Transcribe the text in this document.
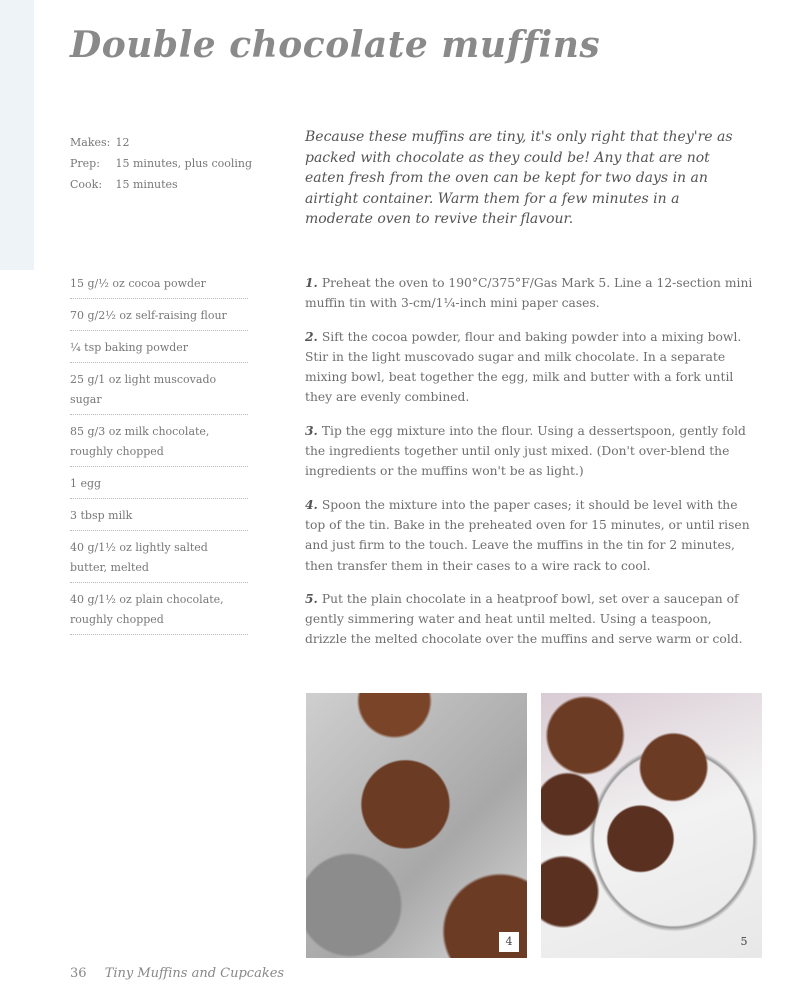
Double chocolate muffins
Makes: 12
Prep: 15 minutes, plus cooling
Cook: 15 minutes
Because these muffins are tiny, it's only right that they're as packed with chocolate as they could be! Any that are not eaten fresh from the oven can be kept for two days in an airtight container. Warm them for a few minutes in a moderate oven to revive their flavour.
15 g/½ oz cocoa powder
70 g/2½ oz self-raising flour
¼ tsp baking powder
25 g/1 oz light muscovado sugar
85 g/3 oz milk chocolate, roughly chopped
1 egg
3 tbsp milk
40 g/1½ oz lightly salted butter, melted
40 g/1½ oz plain chocolate, roughly chopped
1. Preheat the oven to 190°C/375°F/Gas Mark 5. Line a 12-section mini muffin tin with 3-cm/1¼-inch mini paper cases.
2. Sift the cocoa powder, flour and baking powder into a mixing bowl. Stir in the light muscovado sugar and milk chocolate. In a separate mixing bowl, beat together the egg, milk and butter with a fork until they are evenly combined.
3. Tip the egg mixture into the flour. Using a dessertspoon, gently fold the ingredients together until only just mixed. (Don't over-blend the ingredients or the muffins won't be as light.)
4. Spoon the mixture into the paper cases; it should be level with the top of the tin. Bake in the preheated oven for 15 minutes, or until risen and just firm to the touch. Leave the muffins in the tin for 2 minutes, then transfer them in their cases to a wire rack to cool.
5. Put the plain chocolate in a heatproof bowl, set over a saucepan of gently simmering water and heat until melted. Using a teaspoon, drizzle the melted chocolate over the muffins and serve warm or cold.
4	5
36 Tiny Muffins and Cupcakes
